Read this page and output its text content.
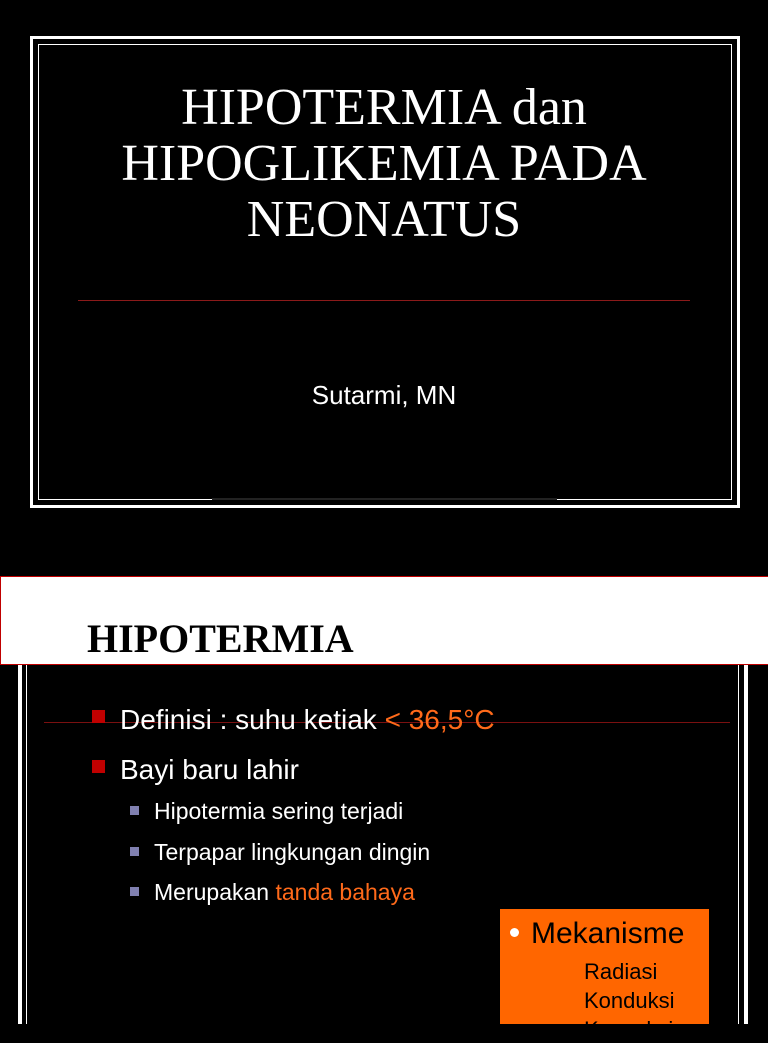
HIPOTERMIA dan
HIPOGLIKEMIA PADA
NEONATUS
Sutarmi, MN
HIPOTERMIA
Definisi : suhu ketiak < 36,5°C
Bayi baru lahir
Hipotermia sering terjadi
Terpapar lingkungan dingin
Merupakan tanda bahaya
Mekanisme
Radiasi
Konduksi
Konveksi
